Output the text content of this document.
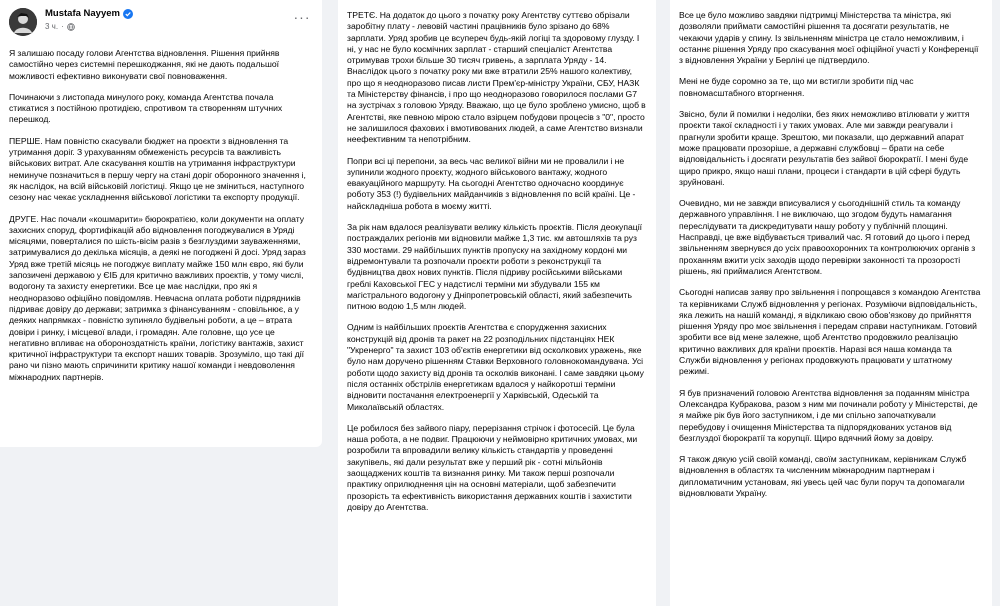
Mustafa Nayyem
3 ч. ·
···

Я залишаю посаду голови Агентства відновлення. Рішення прийняв самостійно через системні перешкоджання, які не дають подальшої можливості ефективно виконувати свої повноваження.

Починаючи з листопада минулого року, команда Агентства почала стикатися з постійною протидією, спротивом та створенням штучних перешкод.

ПЕРШЕ. Нам повністю скасували бюджет на проєкти з відновлення та утримання доріг. З урахуванням обмеженість ресурсів та важливість військових витрат. Але скасування коштів на утримання інфраструктури неминуче позначиться в першу чергу на стані доріг оборонного значення і, як наслідок, на всій військовій логістиці. Якщо це не зміниться, наступного сезону нас чекає ускладнення військової логістики та експорту продукції.

ДРУГЕ. Нас почали «кошмарити» бюрократією, коли документи на оплату захисних споруд, фортифікацій або відновлення погоджувалися в Уряді місяцями, поверталися по шість-вісім разів з безглуздими зауваженнями, затримувалися до декілька місяців, а деякі не погоджені й досі. Уряд зараз Уряд вже третій місяць не погоджує виплату майже 150 млн євро, які були запозичені державою у ЄІБ для критично важливих проєктів, у тому числі, водогону та захисту енергетики. Все це має наслідки, про які я неодноразово офіційно повідомляв. Невчасна оплата роботи підрядників підриває довіру до держави; затримка з фінансуванням - сповільнює, а у деяких напрямках - повністю зупиняло будівельні роботи, а це – втрата довіри і ринку, і місцевої влади, і громадян. Але головне, що усе це негативно впливає на обороноздатність країни, логістику вантажів, захист критичної інфраструктури та експорт наших товарів. Зрозуміло, що такі дії рано чи пізно мають спричинити критику нашої команди і невдоволення міжнародних партнерів.

ТРЕТЄ. На додаток до цього з початку року Агентству суттєво обрізали заробітну плату - левовій частині працівників було зрізано до 68% зарплати. Уряд зробив це всупереч будь-якій логіці та здоровому глузду. І ні, у нас не було космічних зарплат - старший спеціаліст Агентства отримував трохи більше 30 тисяч гривень, а зарплата Уряду - 14. Внаслідок цього з початку року ми вже втратили 25% нашого колективу, про що я неодноразово писав листи Прем'єр-міністру України, СБУ, НАЗК та Міністерству фінансів, і про що неодноразово говорилося послами G7 на зустрічах з головою Уряду. Вважаю, що це було зроблено умисно, щоб в Агентстві, яке певною мірою стало взірцем побудови процесів з "0", просто не залишилося фахових і вмотивованих людей, а саме Агентство визнали неефективним та непотрібним.

Попри всі ці перепони, за весь час великої війни ми не провалили і не зупинили жодного проєкту, жодного військового вантажу, жодного евакуаційного маршруту. На сьогодні Агентство одночасно координує роботу 353 (!) будівельних майданчиків з відновлення по всій країні. Це - найскладніша робота в моєму житті.

За рік нам вдалося реалізувати велику кількість проєктів. Після деокупації постраждалих регіонів ми відновили майже 1,3 тис. км автошляхів та руз 330 мостами. 29 найбільших пунктів пропуску на західному кордоні ми відремонтували та розпочали проєкти роботи з реконструкції та будівництва двох нових пунктів. Після підриву російськими військами греблі Каховської ГЕС у надстислі терміни ми збудували 155 км магістрального водогону у Дніпропетровській області, який забезпечить питною водою 1,5 млн людей.

Одним із найбільших проєктів Агентства є спорудження захисних конструкцій від дронів та ракет на 22 розподільних підстанціях НЕК "Укренерго" та захист 103 об'єктів енергетики від осколкових уражень, яке було нам доручено рішенням Ставки Верховного головнокомандувача. Усі роботи щодо захисту від дронів та осколків виконані. І саме завдяки цьому після останніх обстрілів енергетикам вдалося у найкоротші терміни відновити постачання електроенергії у Харківській, Одеській та Миколаївській областях.

Це робилося без зайвого піару, перерізання стрічок і фотосесій. Це була наша робота, а не подвиг. Працюючи у неймовірно критичних умовах, ми розробили та впровадили велику кількість стандартів у проведенні закупівель, які дали результат вже у перший рік - сотні мільйонів заощаджених коштів та визнання ринку. Ми також перші розпочали практику оприлюднення цін на основні матеріали, щоб забезпечити прозорість та ефективність використання державних коштів і захистити довіру до Агентства.

Все це було можливо завдяки підтримці Міністерства та міністра, які дозволяли приймати самостійні рішення та досягати результатів, не чекаючи ударів у спину. Із звільненням міністра це стало неможливим, і останнє рішення Уряду про скасування моєї офіційної участі у Конференції з відновлення України у Берліні це підтвердило.

Мені не буде соромно за те, що ми встигли зробити під час повномасштабного вторгнення.

Звісно, були й помилки і недоліки, без яких неможливо втілювати у життя проєкти такої складності і у таких умовах. Але ми завжди реагували і прагнули зробити краще. Зрештою, ми показали, що державний апарат може працювати прозоріше, а державні службовці – брати на себе відповідальність і досягати результатів без зайвої бюрократії. І мені буде щиро прикро, якщо наші плани, процеси і стандарти в цій сфері будуть зруйновані.

Очевидно, ми не завжди вписувалися у сьогоднішній стиль та команду державного управління. І не виключаю, що згодом будуть намагання переслідувати та дискредитувати нашу роботу у публічній площині. Насправді, це вже відбувається тривалий час. Я готовий до цього і перед звільненням звернувся до усіх правоохоронних та контролюючих органів з проханням вжити усіх заходів щодо перевірки законності та прозорості рішень, які приймалися Агентством.

Сьогодні написав заяву про звільнення і попрощався з командою Агентства та керівниками Служб відновлення у регіонах. Розуміючи відповідальність, яка лежить на нашій команді, я відкликаю свою обов'язкову до прийняття рішення Уряду про моє звільнення і передам справи наступникам. Готовий зробити все від мене залежне, щоб Агентство продовжило реалізацію критично важливих для країни проєктів. Наразі вся наша команда та Служби відновлення у регіонах продовжують працювати у штатному режимі.

Я був призначений головою Агентства відновлення за поданням міністра Олександра Кубракова, разом з ним ми починали роботу у Міністерстві, де я майже рік був його заступником, і де ми спільно започаткували перебудову і очищення Міністерства та підпорядкованих установ від безглуздої бюрократії та корупції. Щиро вдячний йому за довіру.

Я також дякую усій своїй команді, своїм заступникам, керівникам Служб відновлення в областях та численним міжнародним партнерам і дипломатичним установам, які увесь цей час були поруч та допомагали відновлювати Україну.
